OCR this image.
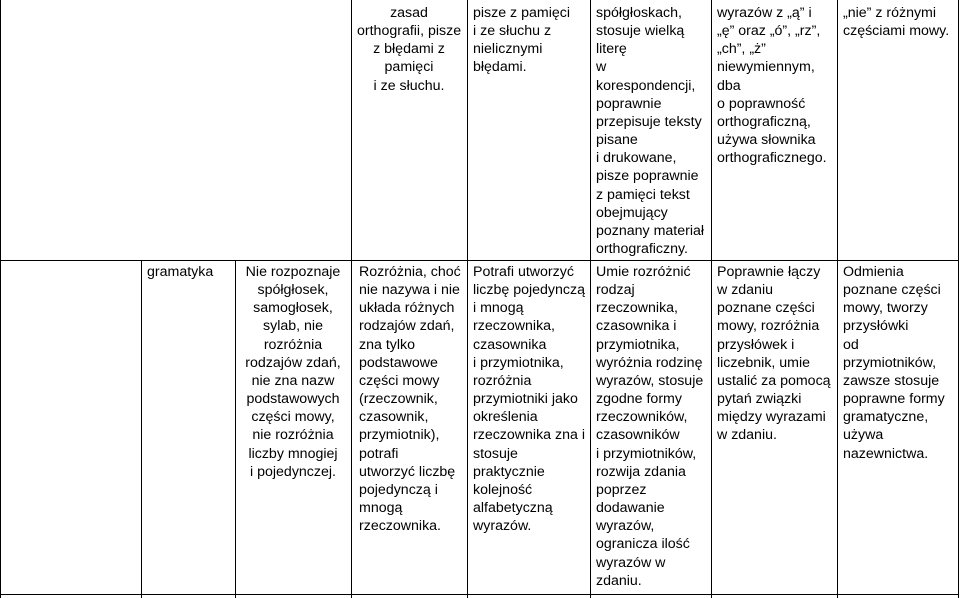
zasad
orthografii, pisze
z błędami z
pamięci
i ze słuchu.
pisze z pamięci
i ze słuchu z
nielicznymi
błędami.
spółgłoskach,
stosuje wielką
literę
w
korespondencji,
poprawnie
przepisuje teksty
pisane
i drukowane,
pisze poprawnie
z pamięci tekst
obejmujący
poznany materiał
orthograficzny.
wyrazów z „ą” i
„ę” oraz „ó”, „rz”,
„ch”, „ż”
niewymiennym,
dba
o poprawność
orthograficzną,
używa słownika
orthograficznego.
„nie” z różnymi
częściami mowy.
gramatyka	Nie rozpoznaje
spółgłosek,
samogłosek,
sylab, nie
rozróżnia
rodzajów zdań,
nie zna nazw
podstawowych
części mowy,
nie rozróżnia
liczby mnogiej
i pojedynczej.
Rozróżnia, choć
nie nazywa i nie
układa różnych
rodzajów zdań,
zna tylko
podstawowe
części mowy
(rzeczownik,
czasownik,
przymiotnik),
potrafi
utworzyć liczbę
pojedynczą i
mnogą
rzeczownika.
Potrafi utworzyć
liczbę pojedynczą
i mnogą
rzeczownika,
czasownika
i przymiotnika,
rozróżnia
przymiotniki jako
określenia
rzeczownika zna i
stosuje
praktycznie
kolejność
alfabetyczną
wyrazów.
Umie rozróżnić
rodzaj
rzeczownika,
czasownika i
przymiotnika,
wyróżnia rodzinę
wyrazów, stosuje
zgodne formy
rzeczowników,
czasowników
i przymiotników,
rozwija zdania
poprzez
dodawanie
wyrazów,
ogranicza ilość
wyrazów w
zdaniu.
Poprawnie łączy
w zdaniu
poznane części
mowy, rozróżnia
przysłówek i
liczebnik, umie
ustalić za pomocą
pytań związki
między wyrazami
w zdaniu.
Odmienia
poznane części
mowy, tworzy
przysłówki
od
przymiotników,
zawsze stosuje
poprawne formy
gramatyczne,
używa
nazewnictwa.
